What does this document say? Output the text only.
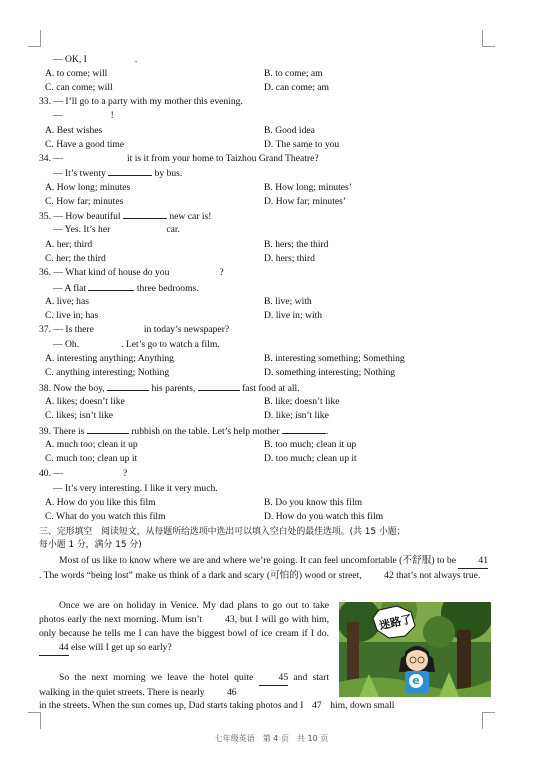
— OK, I	.
A. to come; will	B. to come; am
C. can come; will	D. can come; am
33. — I’ll go to a party with my mother this evening.
—	!
A. Best wishes	B. Good idea
C. Have a good time	D. The same to you
34. —	it is it from your home to Taizhou Grand Theatre?
— It’s twenty	by bus.
A. How long; minutes	B. How long; minutes’
C. How far; minutes	D. How far; minutes’
35. — How beautiful	new car is!
— Yes. It’s her	car.
A. her; third	B. hers; the third
C. her; the third	D. hers; third
36. — What kind of house do you	?
— A flat	three bedrooms.
A. live; has	B. live; with
C. live in; has	D. live in; with
37. — Is there	in today’s newspaper?
— Oh.	. Let’s go to watch a film.
A. interesting anything; Anything	B. interesting something; Something
C. anything interesting; Nothing	D. something interesting; Nothing
38. Now the boy,	his parents,	fast food at all.
A. likes; doesn’t like	B. like; doesn’t like
C. likes; isn’t like	D. like; isn’t like
39. There is	rubbish on the table. Let’s help mother	.
A. much too; clean it up	B. too much; clean it up
C. much too; clean up it	D. too much; clean up it
40. —	?
— It’s very interesting. I like it very much.
A. How do you like this film	B. Do you know this film
C. What do you watch this film	D. How do you watch this film
三、完形填空　阅读短文，从每题所给选项中选出可以填入空白处的最佳选项。(共 15 小题；
每小题 1 分，满分 15 分)
Most of us like to know where we are and where we’re going. It can feel uncomfortable (不舒服) to be 41. The words “being lost” make us think of a dark and scary (可怕的) wood or street, 42 that’s not always true.
Once we are on holiday in Venice. My dad plans to go out to take photos early the next morning. Mum isn’t 43, but I will go with him, only because he tells me I can have the biggest bowl of ice cream if I do. 44 else will I get up so early?
So the next morning we leave the hotel quite	45 and start walking in the quiet streets. There is nearly 46
in the streets. When the sun comes up, Dad starts taking photos and I 47 him, down small
迷路了
e
七年级英语　第 4 页　共 10 页
